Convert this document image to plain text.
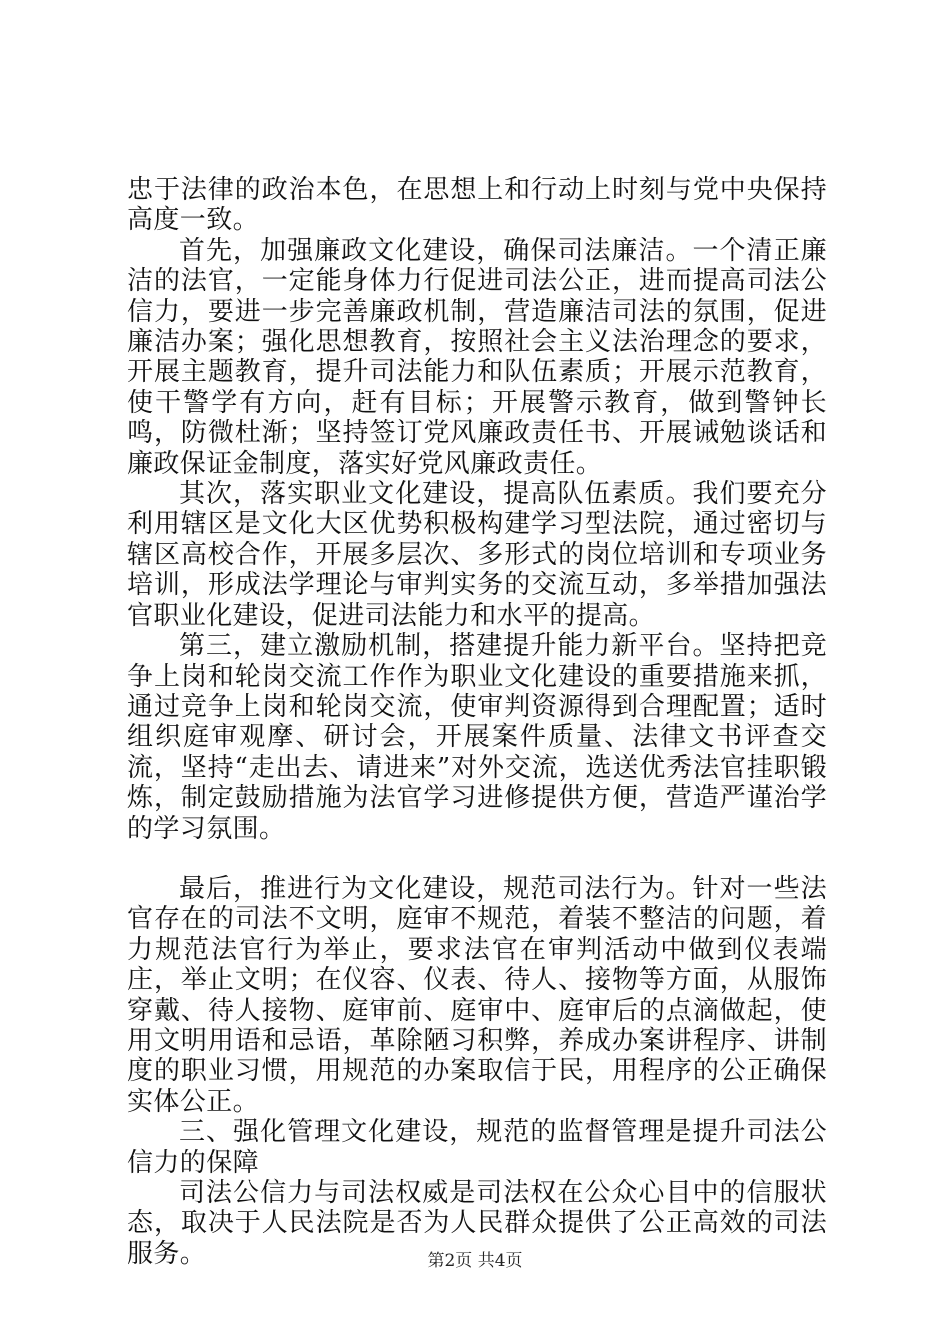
忠于法律的政治本色，在思想上和行动上时刻与党中央保持高度一致。

首先，加强廉政文化建设，确保司法廉洁。一个清正廉洁的法官，一定能身体力行促进司法公正，进而提高司法公信力，要进一步完善廉政机制，营造廉洁司法的氛围，促进廉洁办案；强化思想教育，按照社会主义法治理念的要求，开展主题教育，提升司法能力和队伍素质；开展示范教育，使干警学有方向，赶有目标；开展警示教育，做到警钟长鸣，防微杜渐；坚持签订党风廉政责任书、开展诫勉谈话和廉政保证金制度，落实好党风廉政责任。

其次，落实职业文化建设，提高队伍素质。我们要充分利用辖区是文化大区优势积极构建学习型法院，通过密切与辖区高校合作，开展多层次、多形式的岗位培训和专项业务培训，形成法学理论与审判实务的交流互动，多举措加强法官职业化建设，促进司法能力和水平的提高。

第三，建立激励机制，搭建提升能力新平台。坚持把竞争上岗和轮岗交流工作作为职业文化建设的重要措施来抓，通过竞争上岗和轮岗交流，使审判资源得到合理配置；适时组织庭审观摩、研讨会，开展案件质量、法律文书评查交流，坚持“走出去、请进来”对外交流，选送优秀法官挂职锻炼，制定鼓励措施为法官学习进修提供方便，营造严谨治学的学习氛围。

最后，推进行为文化建设，规范司法行为。针对一些法官存在的司法不文明，庭审不规范，着装不整洁的问题，着力规范法官行为举止，要求法官在审判活动中做到仪表端庄，举止文明；在仪容、仪表、待人、接物等方面，从服饰穿戴、待人接物、庭审前、庭审中、庭审后的点滴做起，使用文明用语和忌语，革除陋习积弊，养成办案讲程序、讲制度的职业习惯，用规范的办案取信于民，用程序的公正确保实体公正。

三、强化管理文化建设，规范的监督管理是提升司法公信力的保障

司法公信力与司法权威是司法权在公众心目中的信服状态，取决于人民法院是否为人民群众提供了公正高效的司法服务。	第2页 共4页
